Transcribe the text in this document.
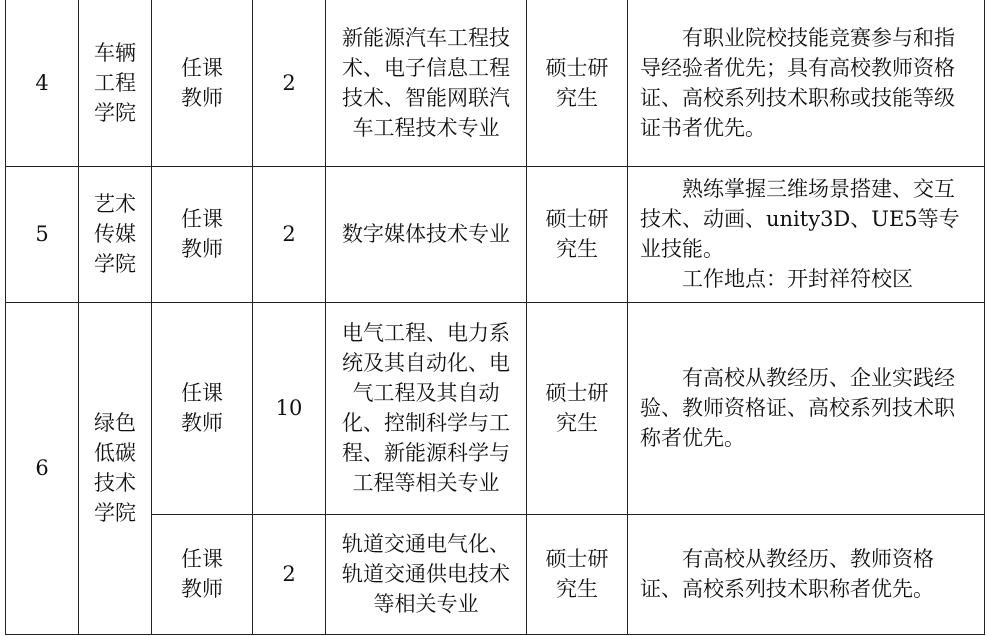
4	车辆工程学院	任课教师	2	新能源汽车工程技术、电子信息工程技术、智能网联汽车工程技术专业	硕士研究生	有职业院校技能竞赛参与和指导经验者优先；具有高校教师资格证、高校系列技术职称或技能等级证书者优先。

5	艺术传媒学院	任课教师	2	数字媒体技术专业	硕士研究生	熟练掌握三维场景搭建、交互技术、动画、unity3D、UE5等专业技能。
工作地点：开封祥符校区

6	绿色低碳技术学院	任课教师	10	电气工程、电力系统及其自动化、电气工程及其自动化、控制科学与工程、新能源科学与工程等相关专业	硕士研究生	有高校从教经历、企业实践经验、教师资格证、高校系列技术职称者优先。

		任课教师	2	轨道交通电气化、轨道交通供电技术等相关专业	硕士研究生	有高校从教经历、教师资格证、高校系列技术职称者优先。
